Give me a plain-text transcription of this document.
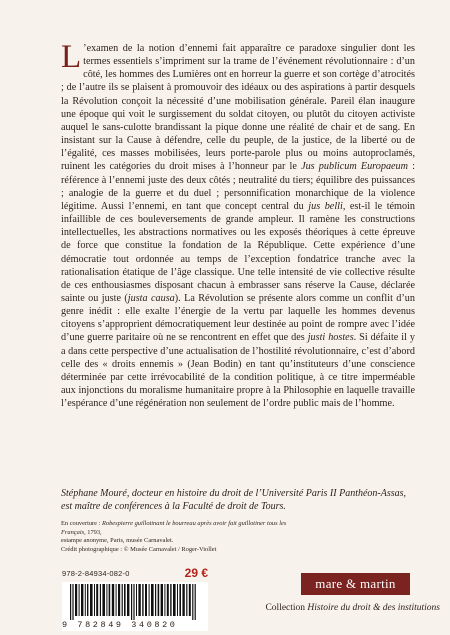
L ’examen de la notion d’ennemi fait apparaître ce paradoxe singulier dont les termes essentiels s’impriment sur la trame de l’événement révolutionnaire : d’un côté, les hommes des Lumières ont en horreur la guerre et son cortège d’atrocités ; de l’autre ils se plaisent à promouvoir des idéaux ou des aspirations à partir desquels la Révolution conçoit la nécessité d’une mobilisation générale. Pareil élan inaugure une époque qui voit le surgissement du soldat citoyen, ou plutôt du citoyen activiste auquel le sans-culotte brandissant la pique donne une réalité de chair et de sang. En insistant sur la Cause à défendre, celle du peuple, de la justice, de la liberté ou de l’égalité, ces masses mobilisées, leurs porte-parole plus ou moins autoproclamés, ruinent les catégories du droit mises à l’honneur par le Jus publicum Europaeum : référence à l’ennemi juste des deux côtés ; neutralité du tiers; équilibre des puissances ; analogie de la guerre et du duel ; personnification monarchique de la violence légitime. Aussi l’ennemi, en tant que concept central du jus belli, est-il le témoin infaillible de ces bouleversements de grande ampleur. Il ramène les constructions intellectuelles, les abstractions normatives ou les exposés théoriques à cette épreuve de force que constitue la fondation de la République. Cette expérience d’une démocratie tout ordonnée au temps de l’exception fondatrice tranche avec la rationalisation étatique de l’âge classique. Une telle intensité de vie collective résulte de ces enthousiasmes disposant chacun à embrasser sans réserve la Cause, déclarée sainte ou juste (justa causa). La Révolution se présente alors comme un conflit d’un genre inédit : elle exalte l’énergie de la vertu par laquelle les hommes devenus citoyens s’approprient démocratiquement leur destinée au point de rompre avec l’idée d’une guerre paritaire où ne se rencontrent en effet que des justi hostes. Si défaite il y a dans cette perspective d’une actualisation de l’hostilité révolutionnaire, c’est d’abord celle des « droits ennemis » (Jean Bodin) en tant qu’instituteurs d’une conscience déterminée par cette irrévocabilité de la condition politique, à ce titre imperméable aux injonctions du moralisme humanitaire propre à la Philosophie en laquelle travaille l’espérance d’une régénération non seulement de l’ordre public mais de l’homme.

Stéphane Mouré, docteur en histoire du droit de l’Université Paris II Panthéon-Assas,

est maître de conférences à la Faculté de droit de Tours.

En couverture : Robespierre guillotinant le bourreau après avoir fait guillotiner tous les Français, 1793,

estampe anonyme, Paris, musée Carnavalet.

Crédit photographique : © Musée Carnavalet / Roger-Viollet

978-2-84934-082-0	29 €
9 782849 340820
mare & martin
Collection Histoire du droit & des institutions
